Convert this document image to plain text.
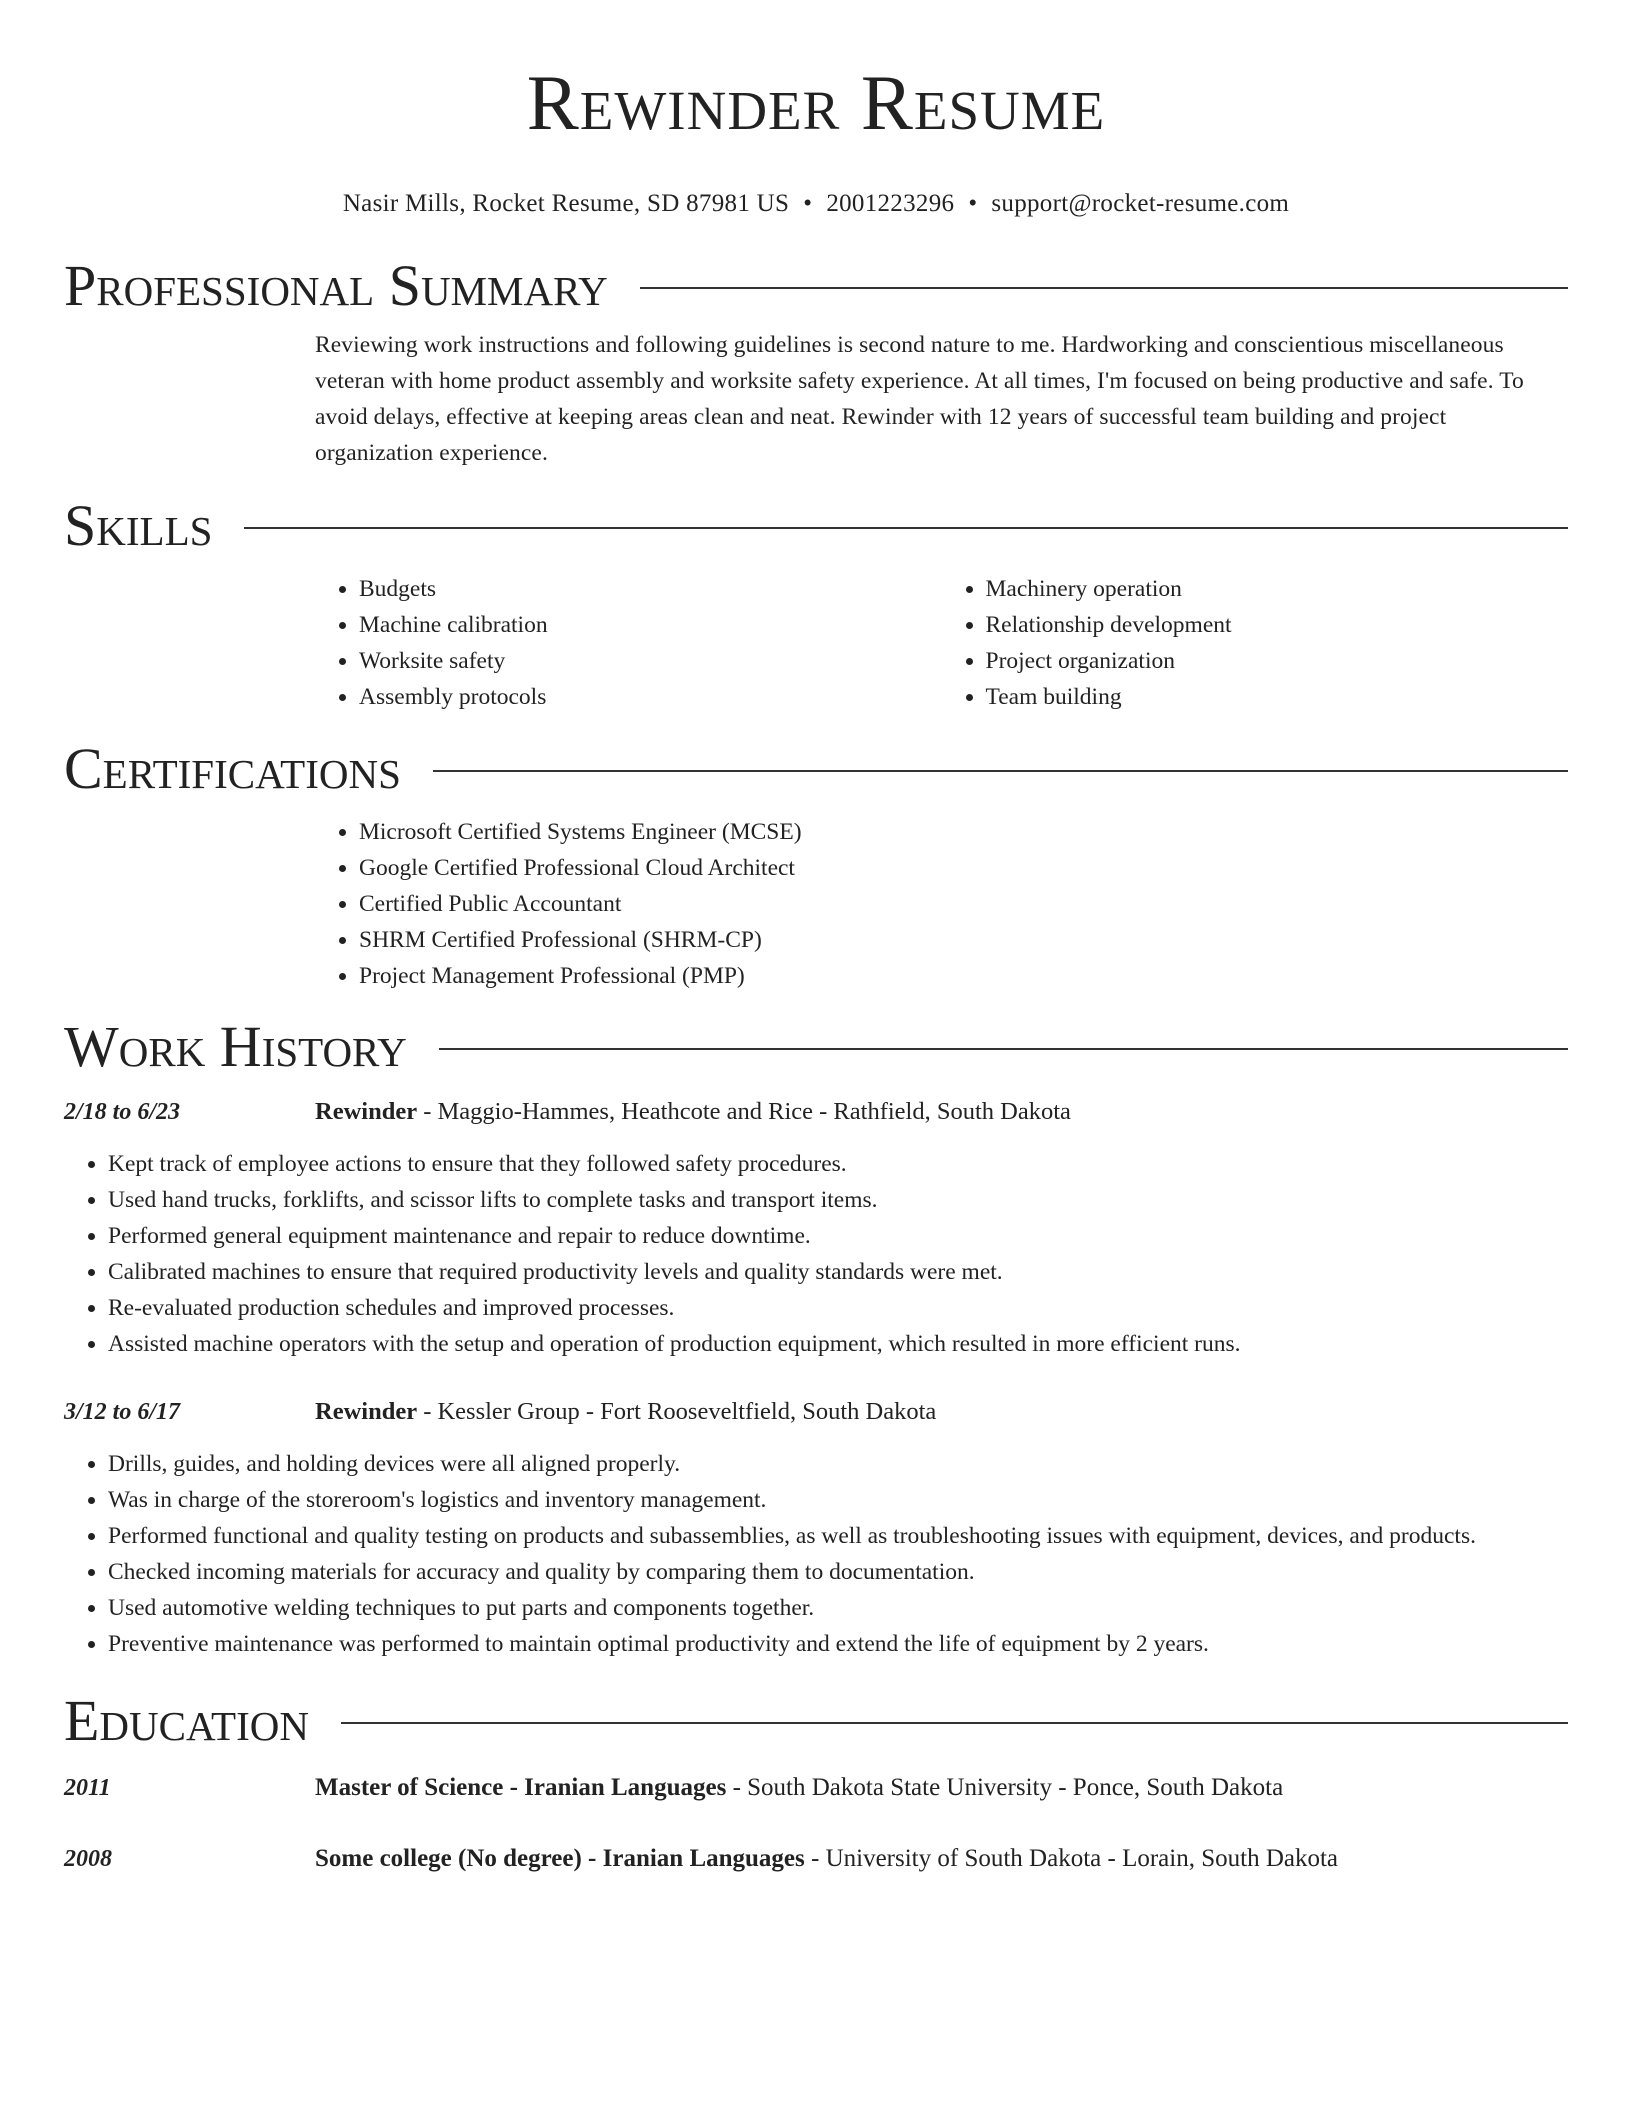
Rewinder Resume
Nasir Mills, Rocket Resume, SD 87981 US • 2001223296 • support@rocket-resume.com
Professional Summary

Reviewing work instructions and following guidelines is second nature to me. Hardworking and conscientious miscellaneous veteran with home product assembly and worksite safety experience. At all times, I'm focused on being productive and safe. To avoid delays, effective at keeping areas clean and neat. Rewinder with 12 years of successful team building and project organization experience.

Skills
• Budgets
• Machine calibration
• Worksite safety
• Assembly protocols
• Machinery operation
• Relationship development
• Project organization
• Team building
Certifications
• Microsoft Certified Systems Engineer (MCSE)
• Google Certified Professional Cloud Architect
• Certified Public Accountant
• SHRM Certified Professional (SHRM-CP)
• Project Management Professional (PMP)
Work History
2/18 to 6/23	Rewinder - Maggio-Hammes, Heathcote and Rice - Rathfield, South Dakota
• Kept track of employee actions to ensure that they followed safety procedures.
• Used hand trucks, forklifts, and scissor lifts to complete tasks and transport items.
• Performed general equipment maintenance and repair to reduce downtime.
• Calibrated machines to ensure that required productivity levels and quality standards were met.
• Re-evaluated production schedules and improved processes.
• Assisted machine operators with the setup and operation of production equipment, which resulted in more efficient runs.
3/12 to 6/17	Rewinder - Kessler Group - Fort Rooseveltfield, South Dakota
• Drills, guides, and holding devices were all aligned properly.
• Was in charge of the storeroom's logistics and inventory management.
• Performed functional and quality testing on products and subassemblies, as well as troubleshooting issues with equipment, devices, and products.
• Checked incoming materials for accuracy and quality by comparing them to documentation.
• Used automotive welding techniques to put parts and components together.
• Preventive maintenance was performed to maintain optimal productivity and extend the life of equipment by 2 years.
Education
2011	Master of Science - Iranian Languages - South Dakota State University - Ponce, South Dakota
2008	Some college (No degree) - Iranian Languages - University of South Dakota - Lorain, South Dakota
